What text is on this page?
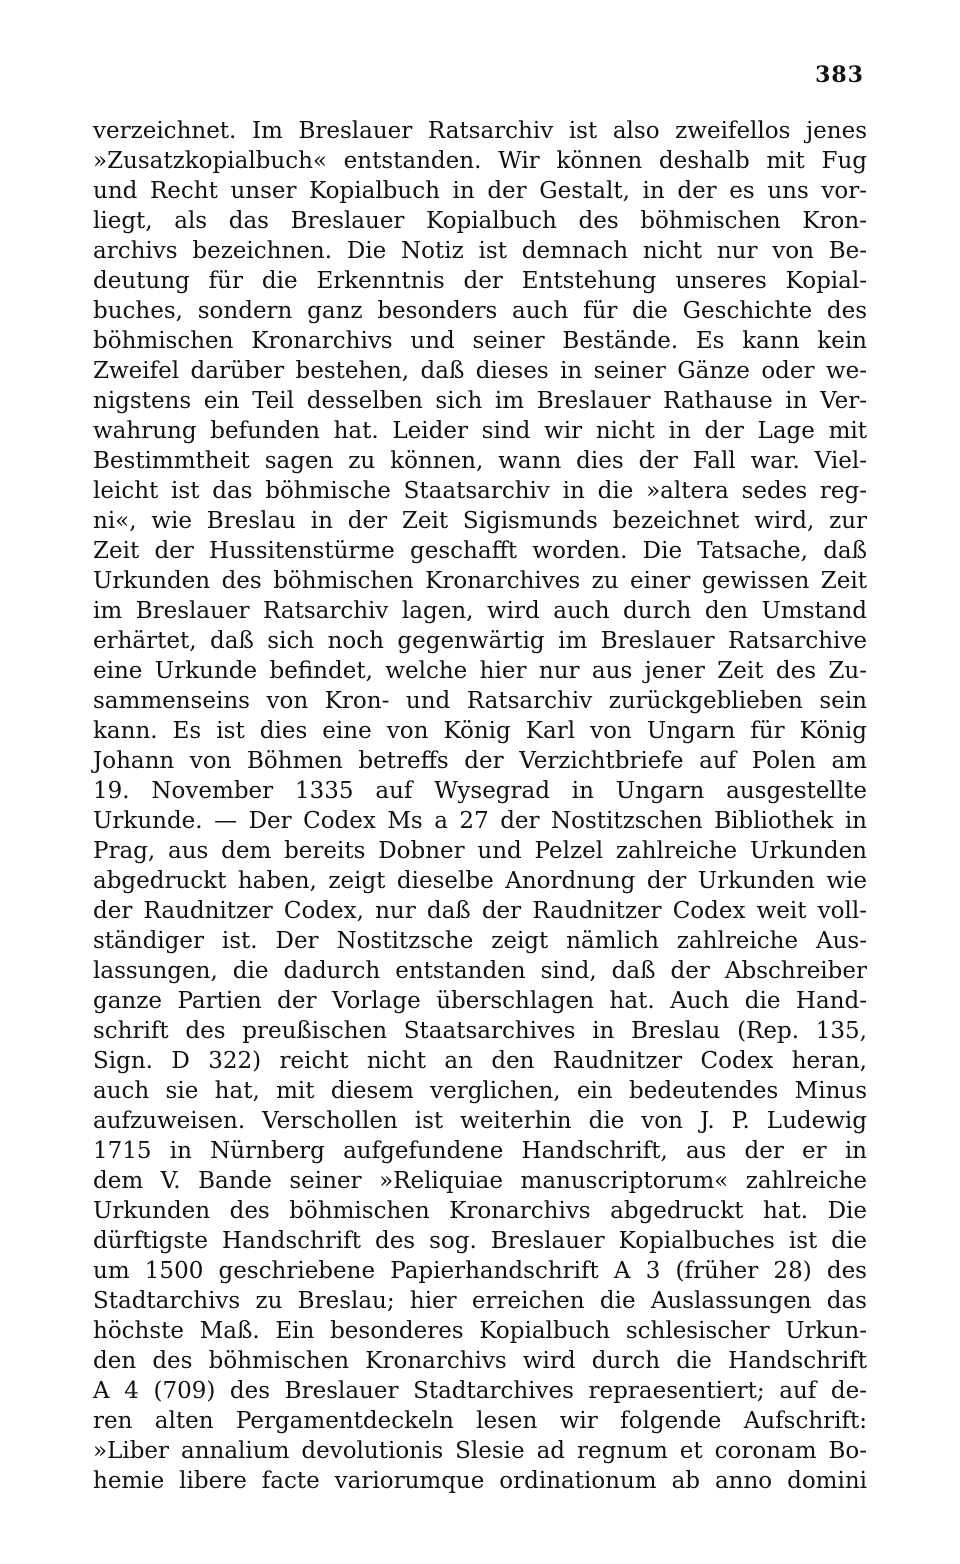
383
verzeichnet. Im Breslauer Ratsarchiv ist also zweifellos jenes
»Zusatzkopialbuch« entstanden. Wir können deshalb mit Fug
und Recht unser Kopialbuch in der Gestalt, in der es uns vor-
liegt, als das Breslauer Kopialbuch des böhmischen Kron-
archivs bezeichnen. Die Notiz ist demnach nicht nur von Be-
deutung für die Erkenntnis der Entstehung unseres Kopial-
buches, sondern ganz besonders auch für die Geschichte des
böhmischen Kronarchivs und seiner Bestände. Es kann kein
Zweifel darüber bestehen, daß dieses in seiner Gänze oder we-
nigstens ein Teil desselben sich im Breslauer Rathause in Ver-
wahrung befunden hat. Leider sind wir nicht in der Lage mit
Bestimmtheit sagen zu können, wann dies der Fall war. Viel-
leicht ist das böhmische Staatsarchiv in die »altera sedes reg-
ni«, wie Breslau in der Zeit Sigismunds bezeichnet wird, zur
Zeit der Hussitenstürme geschafft worden. Die Tatsache, daß
Urkunden des böhmischen Kronarchives zu einer gewissen Zeit
im Breslauer Ratsarchiv lagen, wird auch durch den Umstand
erhärtet, daß sich noch gegenwärtig im Breslauer Ratsarchive
eine Urkunde befindet, welche hier nur aus jener Zeit des Zu-
sammenseins von Kron- und Ratsarchiv zurückgeblieben sein
kann. Es ist dies eine von König Karl von Ungarn für König
Johann von Böhmen betreffs der Verzichtbriefe auf Polen am
19. November 1335 auf Wysegrad in Ungarn ausgestellte
Urkunde. — Der Codex Ms a 27 der Nostitzschen Bibliothek in
Prag, aus dem bereits Dobner und Pelzel zahlreiche Urkunden
abgedruckt haben, zeigt dieselbe Anordnung der Urkunden wie
der Raudnitzer Codex, nur daß der Raudnitzer Codex weit voll-
ständiger ist. Der Nostitzsche zeigt nämlich zahlreiche Aus-
lassungen, die dadurch entstanden sind, daß der Abschreiber
ganze Partien der Vorlage überschlagen hat. Auch die Hand-
schrift des preußischen Staatsarchives in Breslau (Rep. 135,
Sign. D 322) reicht nicht an den Raudnitzer Codex heran,
auch sie hat, mit diesem verglichen, ein bedeutendes Minus
aufzuweisen. Verschollen ist weiterhin die von J. P. Ludewig
1715 in Nürnberg aufgefundene Handschrift, aus der er in
dem V. Bande seiner »Reliquiae manuscriptorum« zahlreiche
Urkunden des böhmischen Kronarchivs abgedruckt hat. Die
dürftigste Handschrift des sog. Breslauer Kopialbuches ist die
um 1500 geschriebene Papierhandschrift A 3 (früher 28) des
Stadtarchivs zu Breslau; hier erreichen die Auslassungen das
höchste Maß. Ein besonderes Kopialbuch schlesischer Urkun-
den des böhmischen Kronarchivs wird durch die Handschrift
A 4 (709) des Breslauer Stadtarchives repraesentiert; auf de-
ren alten Pergamentdeckeln lesen wir folgende Aufschrift:
»Liber annalium devolutionis Slesie ad regnum et coronam Bo-
hemie libere facte variorumque ordinationum ab anno domini
